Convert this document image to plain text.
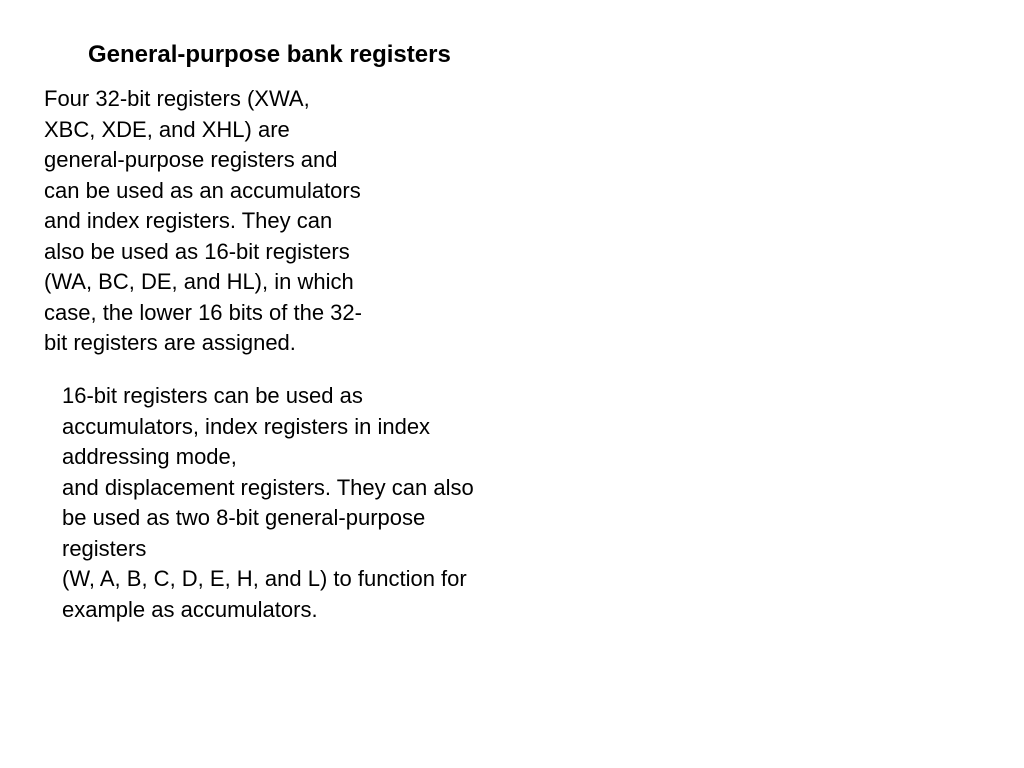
General-purpose bank registers
Four 32-bit registers (XWA,
XBC, XDE, and XHL) are
general-purpose registers and
can be used as an accumulators
and index registers. They can
also be used as 16-bit registers
(WA, BC, DE, and HL), in which
case, the lower 16 bits of the 32-
bit registers are assigned.
16-bit registers can be used as
accumulators, index registers in index
addressing mode,
and displacement registers. They can also
be used as two 8-bit general-purpose
registers
(W, A, B, C, D, E, H, and L) to function for
example as accumulators.
